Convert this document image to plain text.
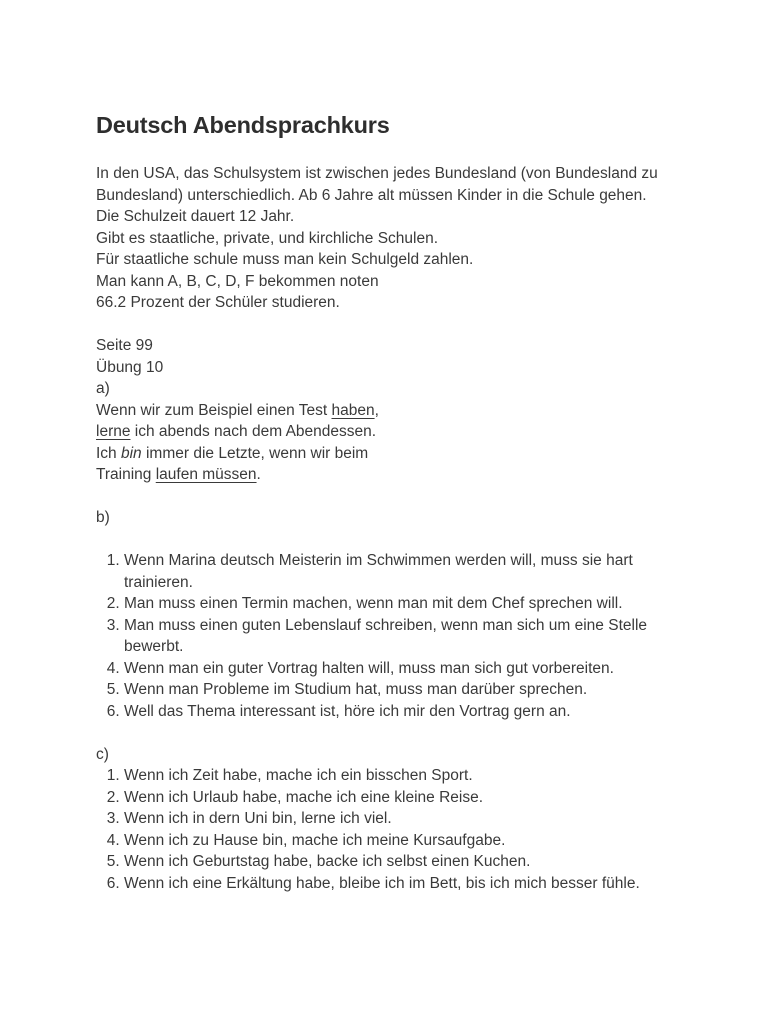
Deutsch Abendsprachkurs
In den USA, das Schulsystem ist zwischen jedes Bundesland (von Bundesland zu Bundesland) unterschiedlich. Ab 6 Jahre alt müssen Kinder in die Schule gehen.
Die Schulzeit dauert 12 Jahr.
Gibt es staatliche, private, und kirchliche Schulen.
Für staatliche schule muss man kein Schulgeld zahlen.
Man kann A, B, C, D, F bekommen noten
66.2 Prozent der Schüler studieren.
Seite 99
Übung 10
a)
Wenn wir zum Beispiel einen Test haben,
lerne ich abends nach dem Abendessen.
Ich bin immer die Letzte, wenn wir beim
Training laufen müssen.
b)
1. Wenn Marina deutsch Meisterin im Schwimmen werden will, muss sie hart trainieren.
2. Man muss einen Termin machen, wenn man mit dem Chef sprechen will.
3. Man muss einen guten Lebenslauf schreiben, wenn man sich um eine Stelle bewerbt.
4. Wenn man ein guter Vortrag halten will, muss man sich gut vorbereiten.
5. Wenn man Probleme im Studium hat, muss man darüber sprechen.
6. Well das Thema interessant ist, höre ich mir den Vortrag gern an.
c)
1. Wenn ich Zeit habe, mache ich ein bisschen Sport.
2. Wenn ich Urlaub habe, mache ich eine kleine Reise.
3. Wenn ich in dern Uni bin, lerne ich viel.
4. Wenn ich zu Hause bin, mache ich meine Kursaufgabe.
5. Wenn ich Geburtstag habe, backe ich selbst einen Kuchen.
6. Wenn ich eine Erkältung habe, bleibe ich im Bett, bis ich mich besser fühle.
